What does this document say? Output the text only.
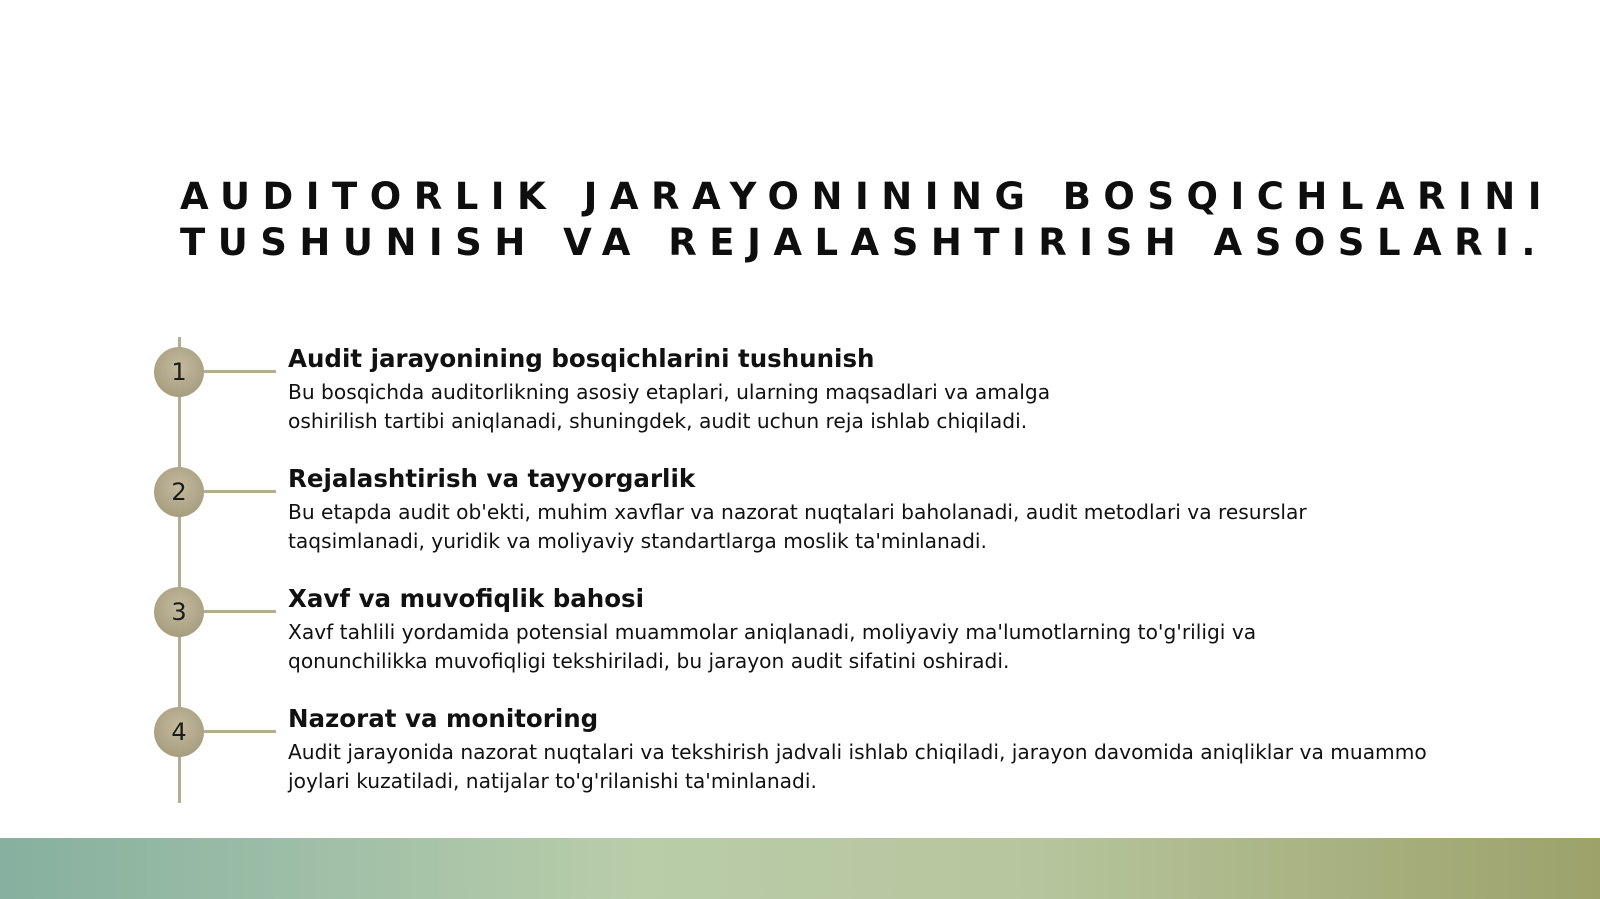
AUDITORLIK JARAYONINING BOSQICHLARINI
TUSHUNISH VA REJALASHTIRISH ASOSLARI.
1	Audit jarayonining bosqichlarini tushunish

Bu bosqichda auditorlikning asosiy etaplari, ularning maqsadlari va amalga oshirilish tartibi aniqlanadi, shuningdek, audit uchun reja ishlab chiqiladi.

2	Rejalashtirish va tayyorgarlik

Bu etapda audit ob'ekti, muhim xavflar va nazorat nuqtalari baholanadi, audit metodlari va resurslar taqsimlanadi, yuridik va moliyaviy standartlarga moslik ta'minlanadi.

3	Xavf va muvofiqlik bahosi

Xavf tahlili yordamida potensial muammolar aniqlanadi, moliyaviy ma'lumotlarning to'g'riligi va qonunchilikka muvofiqligi tekshiriladi, bu jarayon audit sifatini oshiradi.

4	Nazorat va monitoring

Audit jarayonida nazorat nuqtalari va tekshirish jadvali ishlab chiqiladi, jarayon davomida aniqliklar va muammo joylari kuzatiladi, natijalar to'g'rilanishi ta'minlanadi.
